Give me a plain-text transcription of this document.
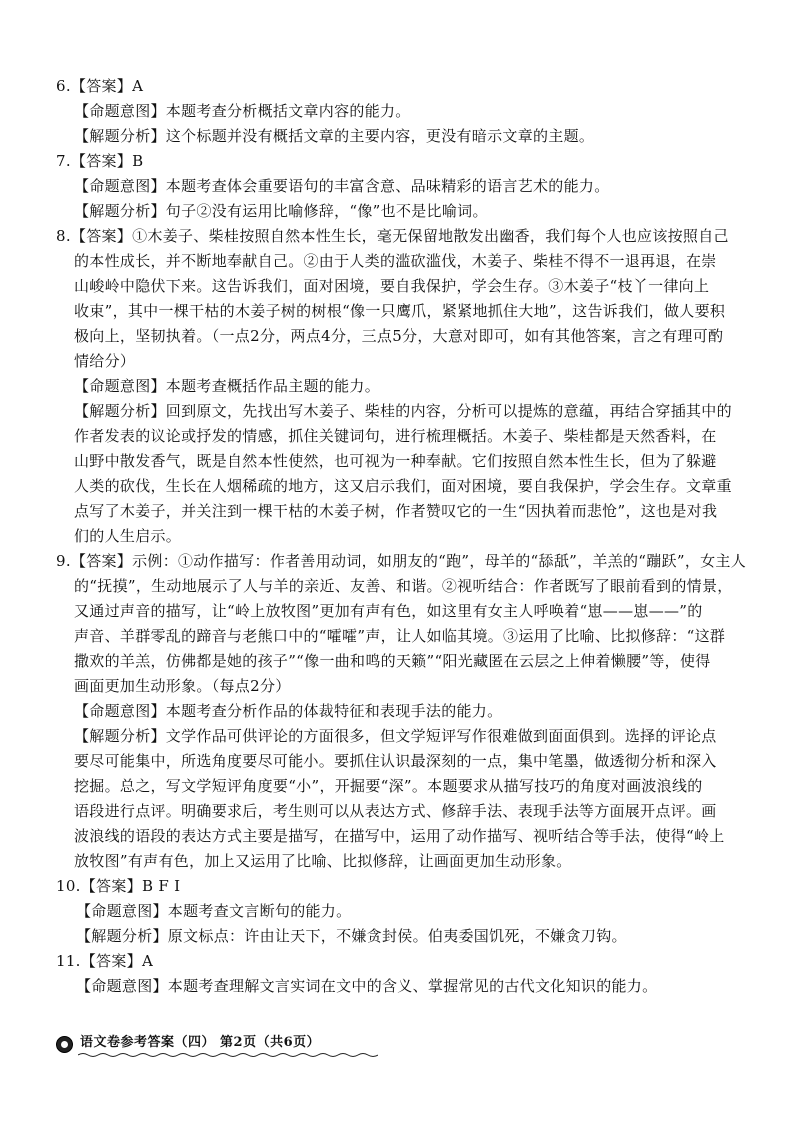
6.【答案】A
【命题意图】本题考查分析概括文章内容的能力。
【解题分析】这个标题并没有概括文章的主要内容，更没有暗示文章的主题。
7.【答案】B
【命题意图】本题考查体会重要语句的丰富含意、品味精彩的语言艺术的能力。
【解题分析】句子②没有运用比喻修辞，“像”也不是比喻词。
8.【答案】①木姜子、柴桂按照自然本性生长，毫无保留地散发出幽香，我们每个人也应该按照自己
的本性成长，并不断地奉献自己。②由于人类的滥砍滥伐，木姜子、柴桂不得不一退再退，在崇
山峻岭中隐伏下来。这告诉我们，面对困境，要自我保护，学会生存。③木姜子“枝丫一律向上
收束”，其中一棵干枯的木姜子树的树根“像一只鹰爪，紧紧地抓住大地”，这告诉我们，做人要积
极向上，坚韧执着。（一点2分，两点4分，三点5分，大意对即可，如有其他答案，言之有理可酌
情给分）
【命题意图】本题考查概括作品主题的能力。
【解题分析】回到原文，先找出写木姜子、柴桂的内容，分析可以提炼的意蕴，再结合穿插其中的
作者发表的议论或抒发的情感，抓住关键词句，进行梳理概括。木姜子、柴桂都是天然香料，在
山野中散发香气，既是自然本性使然，也可视为一种奉献。它们按照自然本性生长，但为了躲避
人类的砍伐，生长在人烟稀疏的地方，这又启示我们，面对困境，要自我保护，学会生存。文章重
点写了木姜子，并关注到一棵干枯的木姜子树，作者赞叹它的一生“因执着而悲怆”，这也是对我
们的人生启示。
9.【答案】示例：①动作描写：作者善用动词，如朋友的“跑”，母羊的“舔舐”，羊羔的“蹦跃”，女主人
的“抚摸”，生动地展示了人与羊的亲近、友善、和谐。②视听结合：作者既写了眼前看到的情景，
又通过声音的描写，让“岭上放牧图”更加有声有色，如这里有女主人呼唤着“崽——崽——”的
声音、羊群零乱的蹄音与老熊口中的“嚯嚯”声，让人如临其境。③运用了比喻、比拟修辞：“这群
撒欢的羊羔，仿佛都是她的孩子”“像一曲和鸣的天籁”“阳光藏匿在云层之上伸着懒腰”等，使得
画面更加生动形象。（每点2分）
【命题意图】本题考查分析作品的体裁特征和表现手法的能力。
【解题分析】文学作品可供评论的方面很多，但文学短评写作很难做到面面俱到。选择的评论点
要尽可能集中，所选角度要尽可能小。要抓住认识最深刻的一点，集中笔墨，做透彻分析和深入
挖掘。总之，写文学短评角度要“小”，开掘要“深”。本题要求从描写技巧的角度对画波浪线的
语段进行点评。明确要求后，考生则可以从表达方式、修辞手法、表现手法等方面展开点评。画
波浪线的语段的表达方式主要是描写，在描写中，运用了动作描写、视听结合等手法，使得“岭上
放牧图”有声有色，加上又运用了比喻、比拟修辞，让画面更加生动形象。
10.【答案】B F I
【命题意图】本题考查文言断句的能力。
【解题分析】原文标点：许由让天下，不嫌贪封侯。伯夷委国饥死，不嫌贪刀钩。
11.【答案】A
【命题意图】本题考查理解文言实词在文中的含义、掌握常见的古代文化知识的能力。
语文卷参考答案（四） 第2页（共6页）
